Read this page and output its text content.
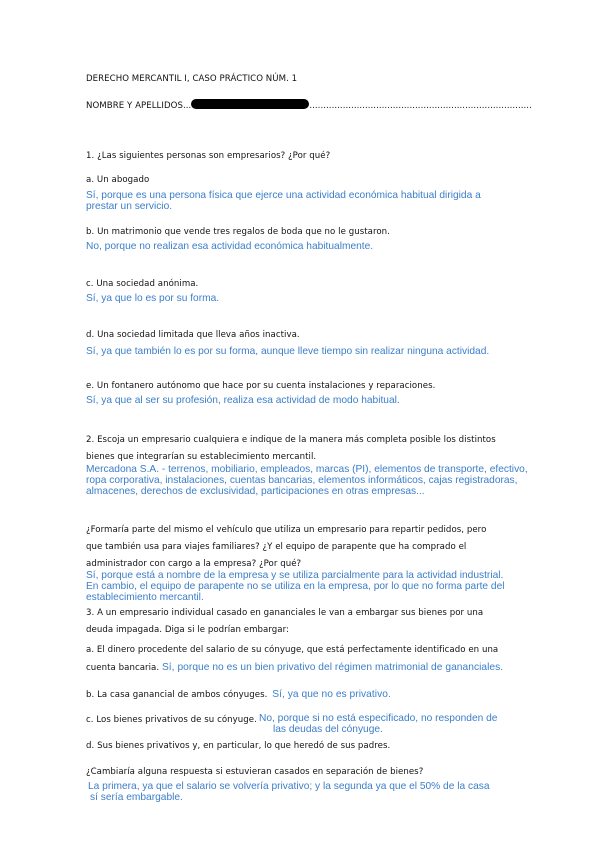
DERECHO MERCANTIL I, CASO PRÁCTICO NÚM. 1
NOMBRE Y APELLIDOS...	................................................................................
1. ¿Las siguientes personas son empresarios? ¿Por qué?
a. Un abogado
Sí, porque es una persona física que ejerce una actividad económica habitual dirigida a
prestar un servicio.
b. Un matrimonio que vende tres regalos de boda que no le gustaron.
No, porque no realizan esa actividad económica habitualmente.
c. Una sociedad anónima.
Sí, ya que lo es por su forma.
d. Una sociedad limitada que lleva años inactiva.
Sí, ya que también lo es por su forma, aunque lleve tiempo sin realizar ninguna actividad.
e. Un fontanero autónomo que hace por su cuenta instalaciones y reparaciones.
Sí, ya que al ser su profesión, realiza esa actividad de modo habitual.
2. Escoja un empresario cualquiera e indique de la manera más completa posible los distintos
bienes que integrarían su establecimiento mercantil.
Mercadona S.A. - terrenos, mobiliario, empleados, marcas (PI), elementos de transporte, efectivo,
ropa corporativa, instalaciones, cuentas bancarias, elementos informáticos, cajas registradoras,
almacenes, derechos de exclusividad, participaciones en otras empresas...
¿Formaría parte del mismo el vehículo que utiliza un empresario para repartir pedidos, pero
que también usa para viajes familiares? ¿Y el equipo de parapente que ha comprado el
administrador con cargo a la empresa? ¿Por qué?
Sí, porque está a nombre de la empresa y se utiliza parcialmente para la actividad industrial.
En cambio, el equipo de parapente no se utiliza en la empresa, por lo que no forma parte del
establecimiento mercantil.
3. A un empresario individual casado en gananciales le van a embargar sus bienes por una
deuda impagada. Diga si le podrían embargar:
a. El dinero procedente del salario de su cónyuge, que está perfectamente identificado en una
cuenta bancaria. Sí, porque no es un bien privativo del régimen matrimonial de gananciales.
b. La casa ganancial de ambos cónyuges. Sí, ya que no es privativo.
c. Los bienes privativos de su cónyuge. No, porque si no está especificado, no responden de
las deudas del cónyuge.
d. Sus bienes privativos y, en particular, lo que heredó de sus padres.
¿Cambiaría alguna respuesta si estuvieran casados en separación de bienes?
La primera, ya que el salario se volvería privativo; y la segunda ya que el 50% de la casa
sí sería embargable.
